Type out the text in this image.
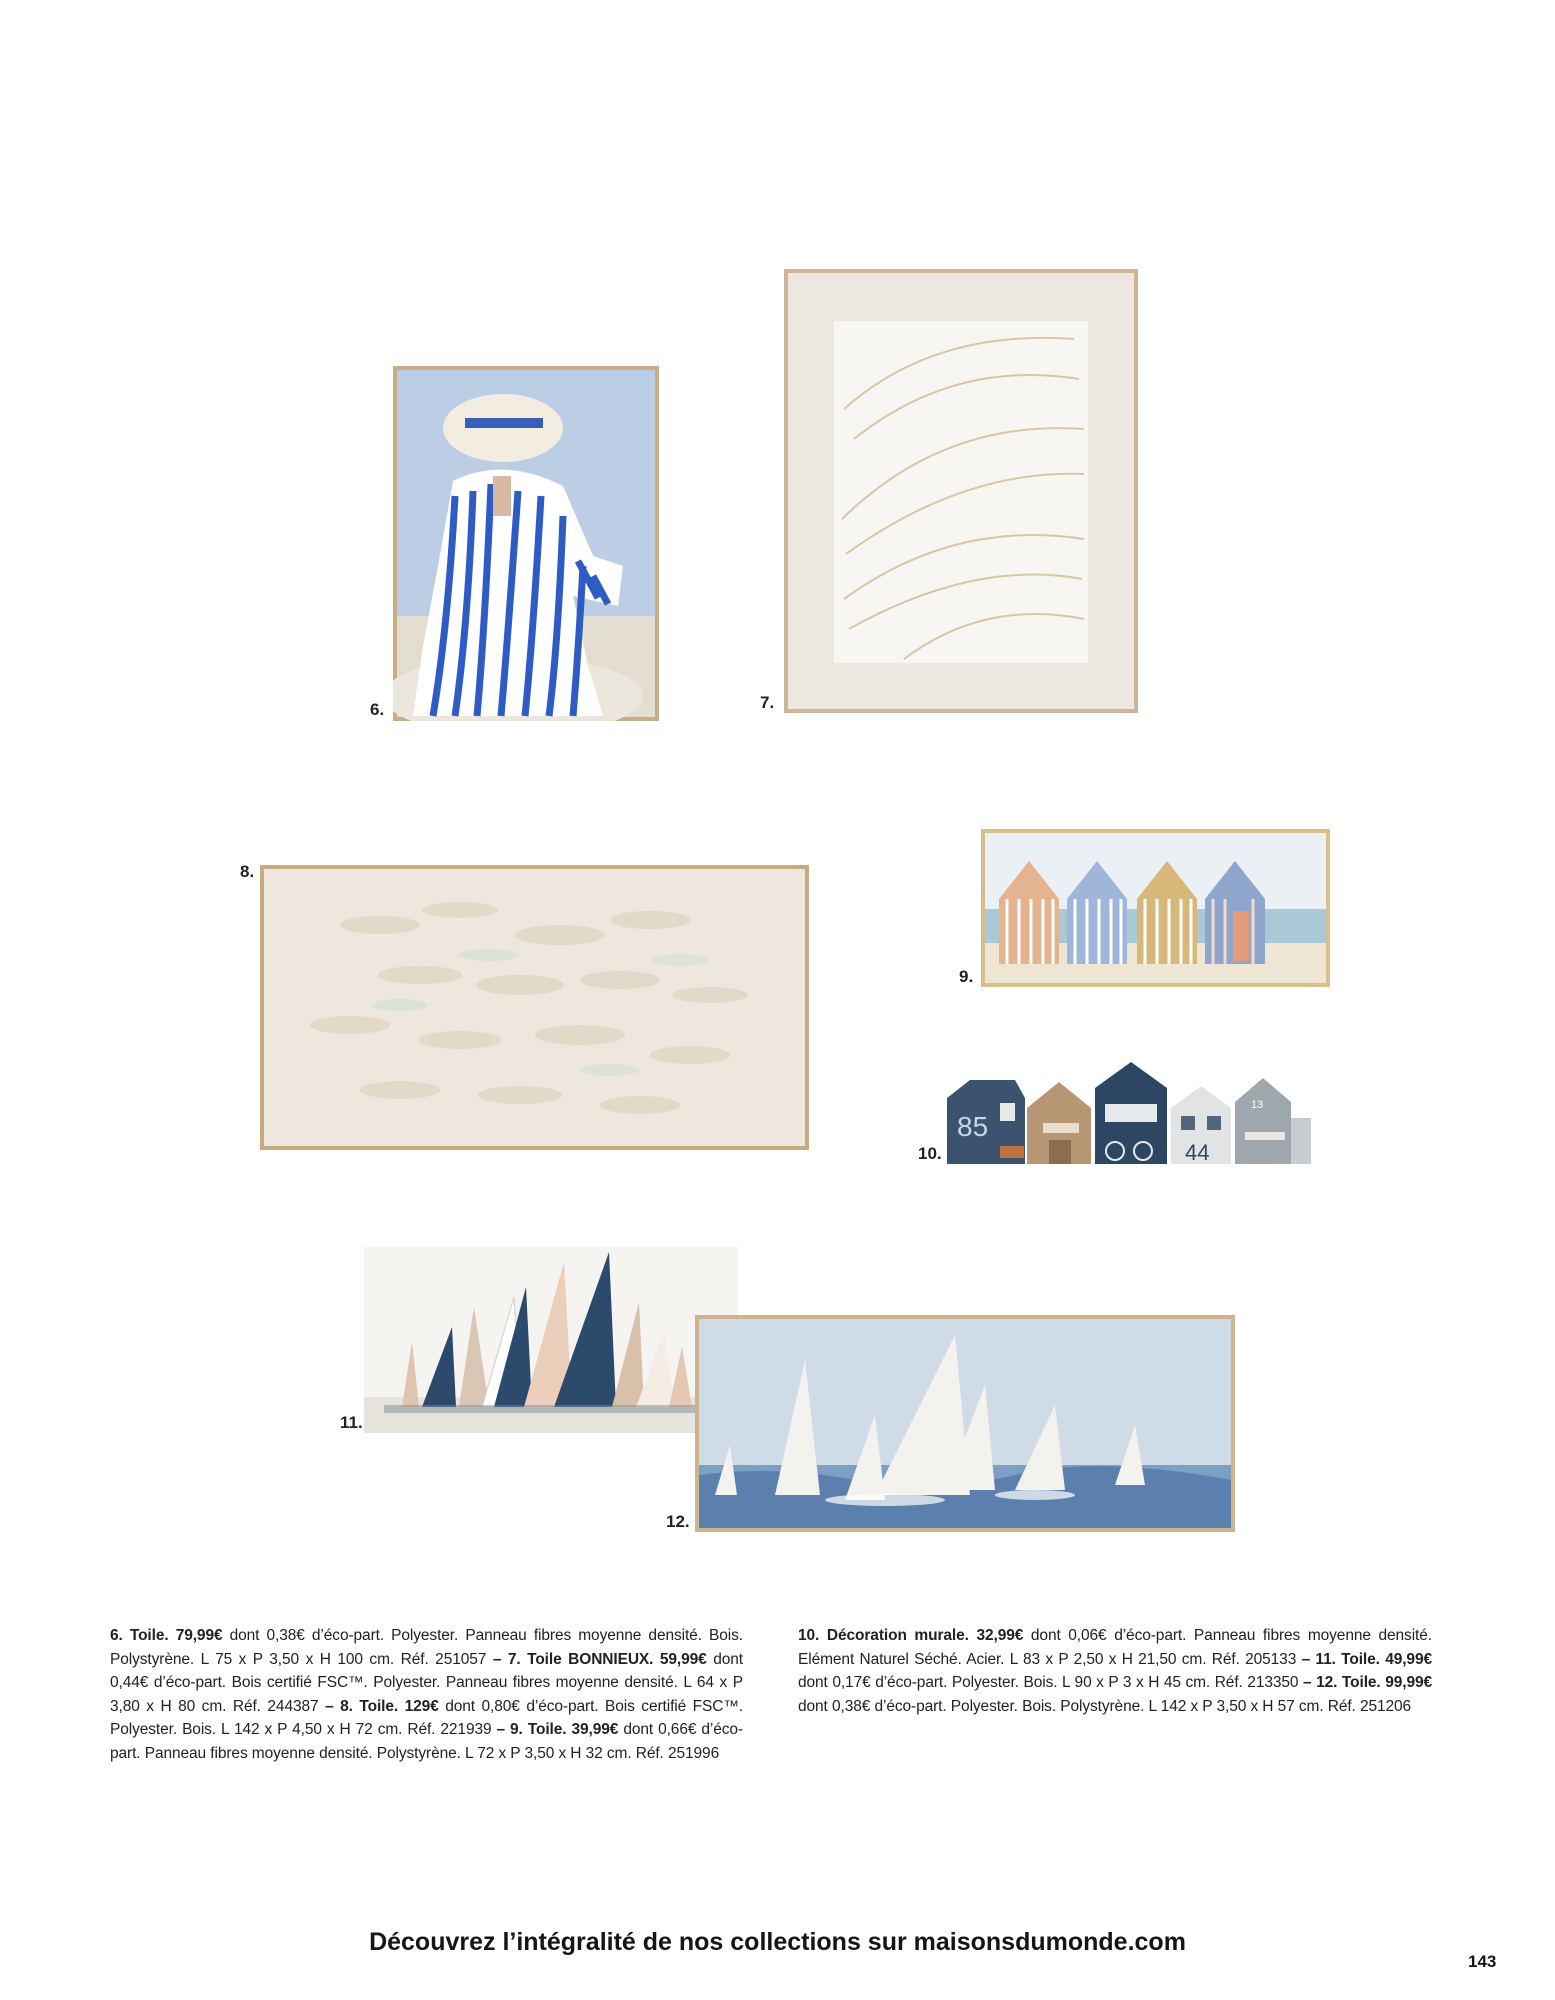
6.	7.
8.
9.
85
44
13
10.
11.
12.
6. Toile. 79,99€ dont 0,38€ d’éco-part. Polyester. Panneau fibres moyenne densité. Bois. Polystyrène. L 75 x P 3,50 x H 100 cm. Réf. 251057 – 7. Toile BONNIEUX. 59,99€ dont 0,44€ d’éco-part. Bois certifié FSC™. Polyester. Panneau fibres moyenne densité. L 64 x P 3,80 x H 80 cm. Réf. 244387 – 8. Toile. 129€ dont 0,80€ d’éco-part. Bois certifié FSC™. Polyester. Bois. L 142 x P 4,50 x H 72 cm. Réf. 221939 – 9. Toile. 39,99€ dont 0,66€ d’éco-part. Panneau fibres moyenne densité. Polystyrène. L 72 x P 3,50 x H 32 cm. Réf. 251996
10. Décoration murale. 32,99€ dont 0,06€ d’éco-part. Panneau fibres moyenne densité. Elément Naturel Séché. Acier. L 83 x P 2,50 x H 21,50 cm. Réf. 205133 – 11. Toile. 49,99€ dont 0,17€ d’éco-part. Polyester. Bois. L 90 x P 3 x H 45 cm. Réf. 213350 – 12. Toile. 99,99€ dont 0,38€ d’éco-part. Polyester. Bois. Polystyrène. L 142 x P 3,50 x H 57 cm. Réf. 251206
Découvrez l’intégralité de nos collections sur maisonsdumonde.com
143
